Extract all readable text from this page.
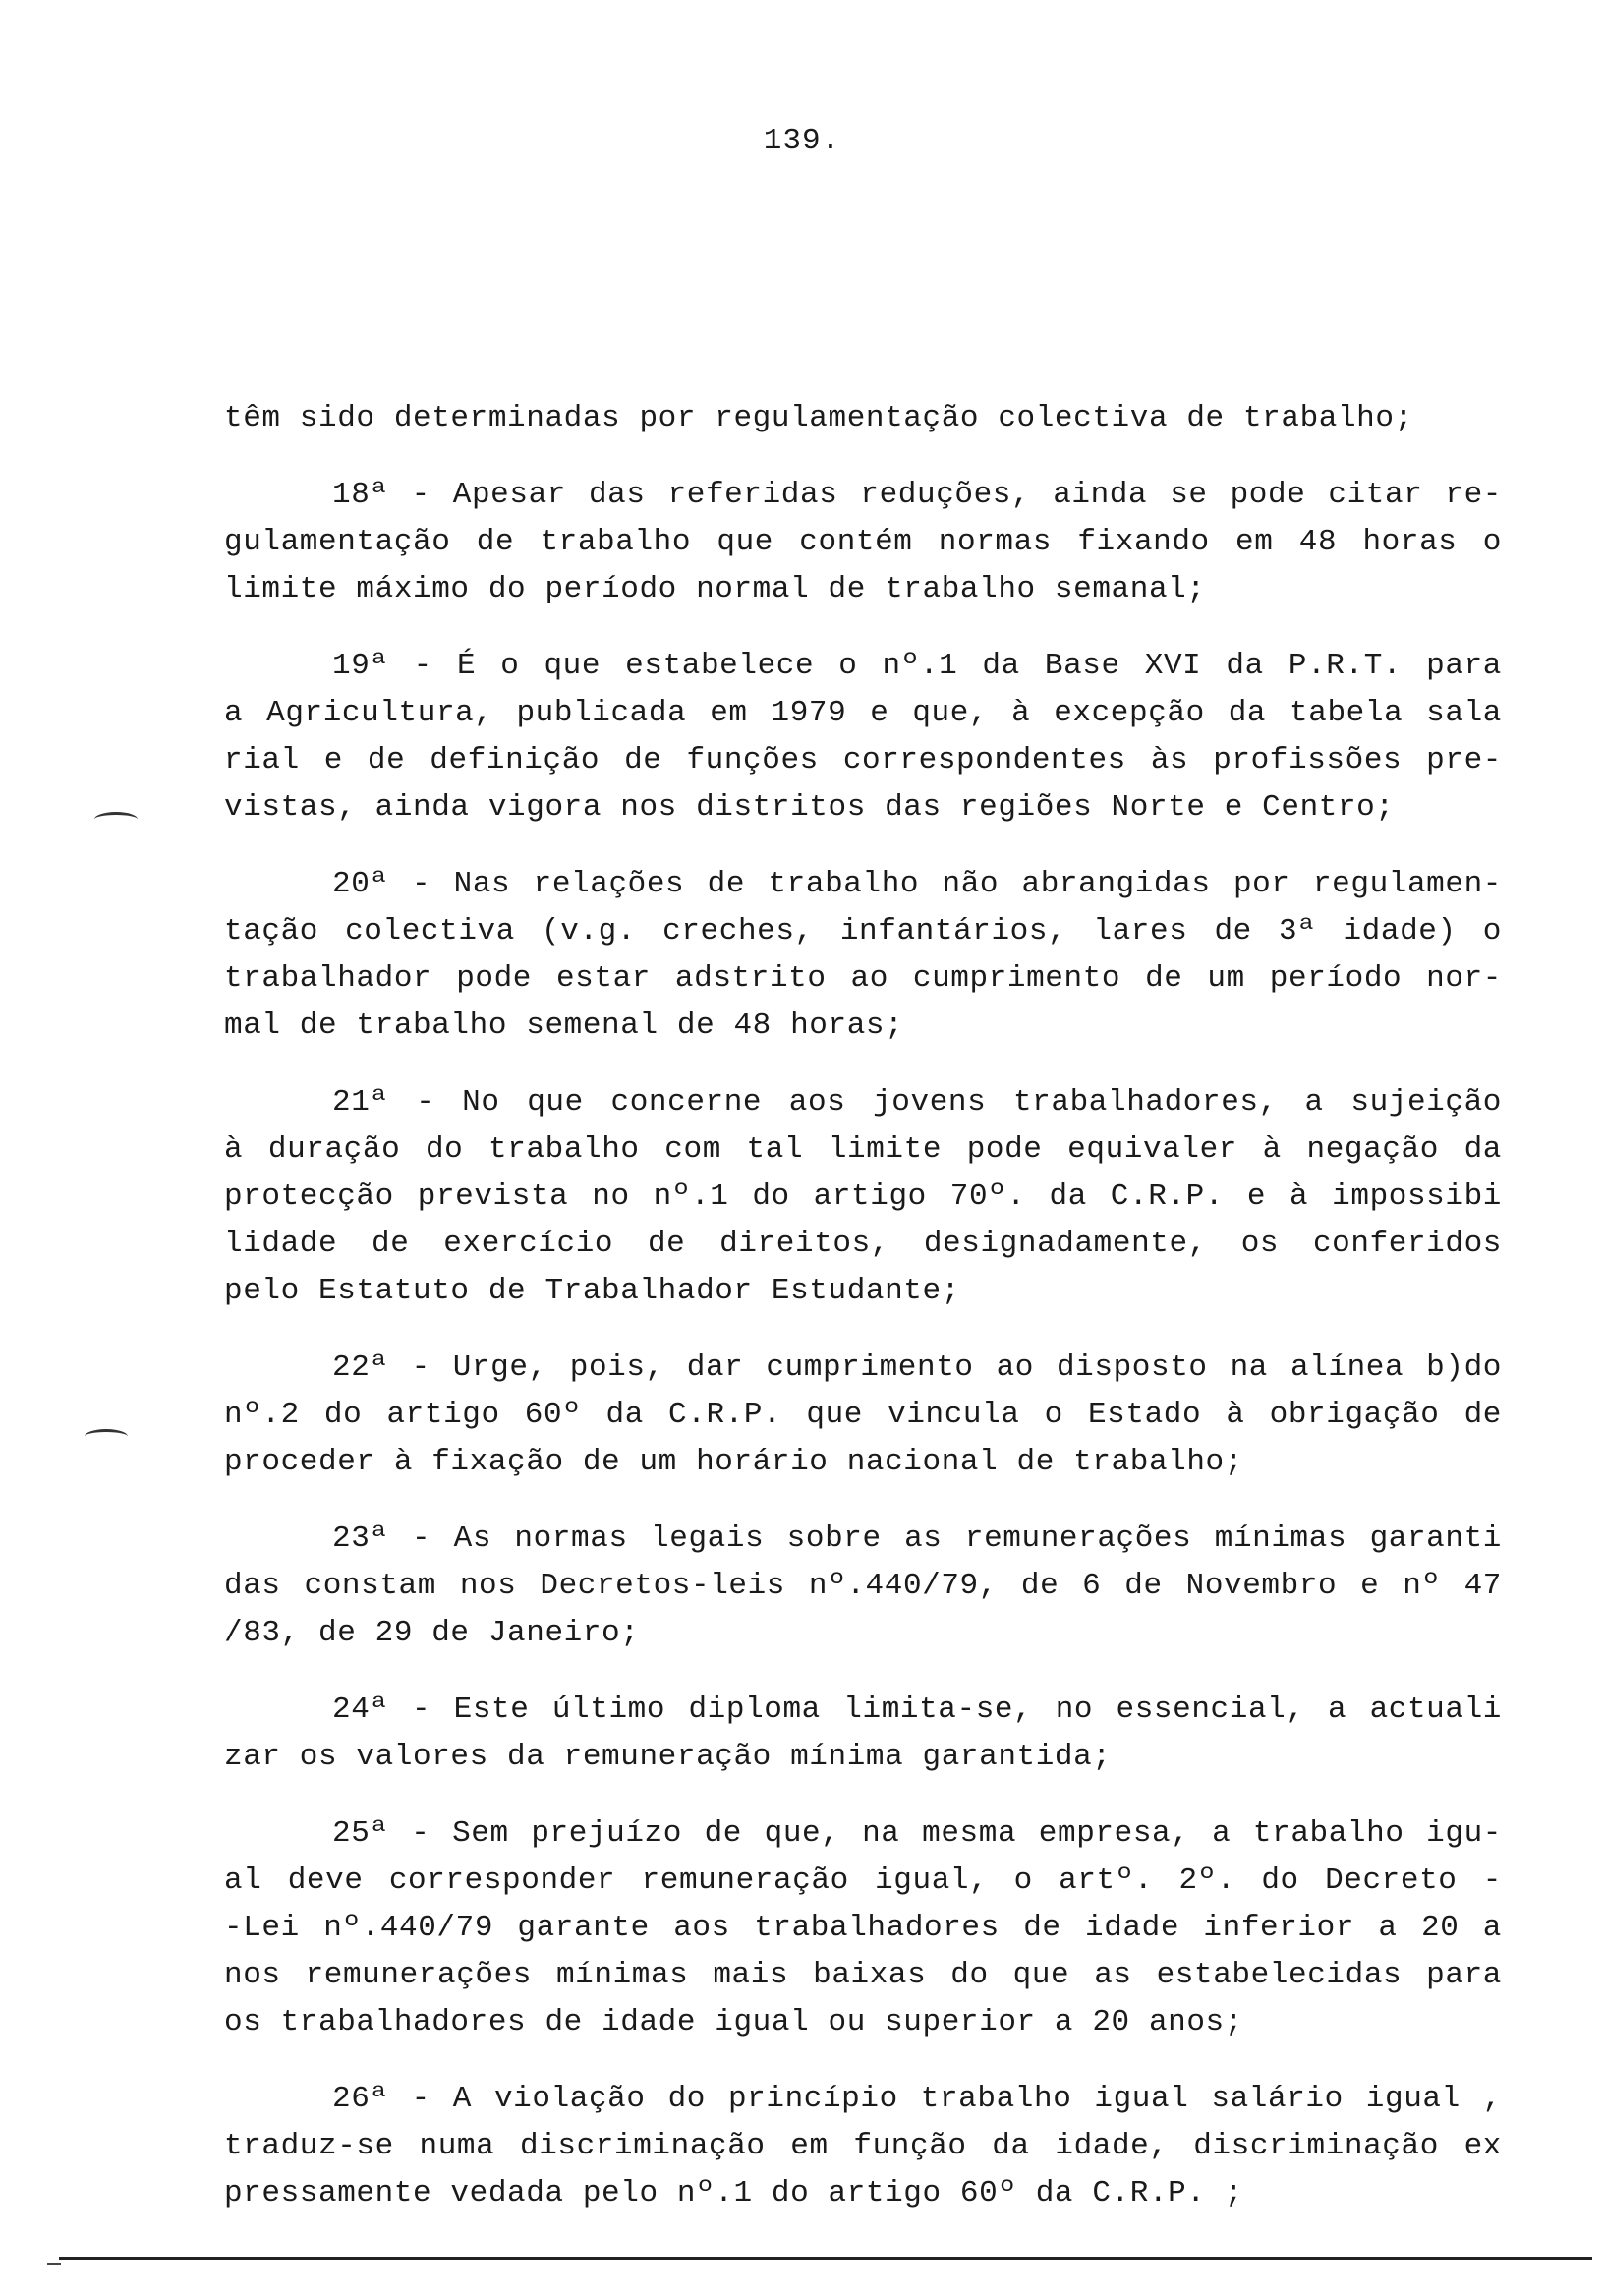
139.
têm sido determinadas por regulamentação colectiva de trabalho;
18ª - Apesar das referidas reduções, ainda se pode citar re-
gulamentação de trabalho que contém normas fixando em 48 horas o
limite máximo do período normal de trabalho semanal;
19ª - É o que estabelece o nº.1 da Base XVI da P.R.T. para
a Agricultura, publicada em 1979 e que, à excepção da tabela sala
rial e de definição de funções correspondentes às profissões pre-
vistas, ainda vigora nos distritos das regiões Norte e Centro;
20ª - Nas relações de trabalho não abrangidas por regulamen-
tação colectiva (v.g. creches, infantários, lares de 3ª idade) o
trabalhador pode estar adstrito ao cumprimento de um período nor-
mal de trabalho semenal de 48 horas;
21ª - No que concerne aos jovens trabalhadores, a sujeição
à duração do trabalho com tal limite pode equivaler à negação da
protecção prevista no nº.1 do artigo 70º. da C.R.P. e à impossibi
lidade de exercício de direitos, designadamente, os conferidos
pelo Estatuto de Trabalhador Estudante;
22ª - Urge, pois, dar cumprimento ao disposto na alínea b)do
nº.2 do artigo 60º da C.R.P. que vincula o Estado à obrigação de
proceder à fixação de um horário nacional de trabalho;
23ª - As normas legais sobre as remunerações mínimas garanti
das constam nos Decretos-leis nº.440/79, de 6 de Novembro e nº 47
/83, de 29 de Janeiro;
24ª - Este último diploma limita-se, no essencial, a actuali
zar os valores da remuneração mínima garantida;
25ª - Sem prejuízo de que, na mesma empresa, a trabalho igu-
al deve corresponder remuneração igual, o artº. 2º. do Decreto -
-Lei nº.440/79 garante aos trabalhadores de idade inferior a 20 a
nos remunerações mínimas mais baixas do que as estabelecidas para
os trabalhadores de idade igual ou superior a 20 anos;
26ª - A violação do princípio trabalho igual salário igual ,
traduz-se numa discriminação em função da idade, discriminação ex
pressamente vedada pelo nº.1 do artigo 60º da C.R.P. ;
